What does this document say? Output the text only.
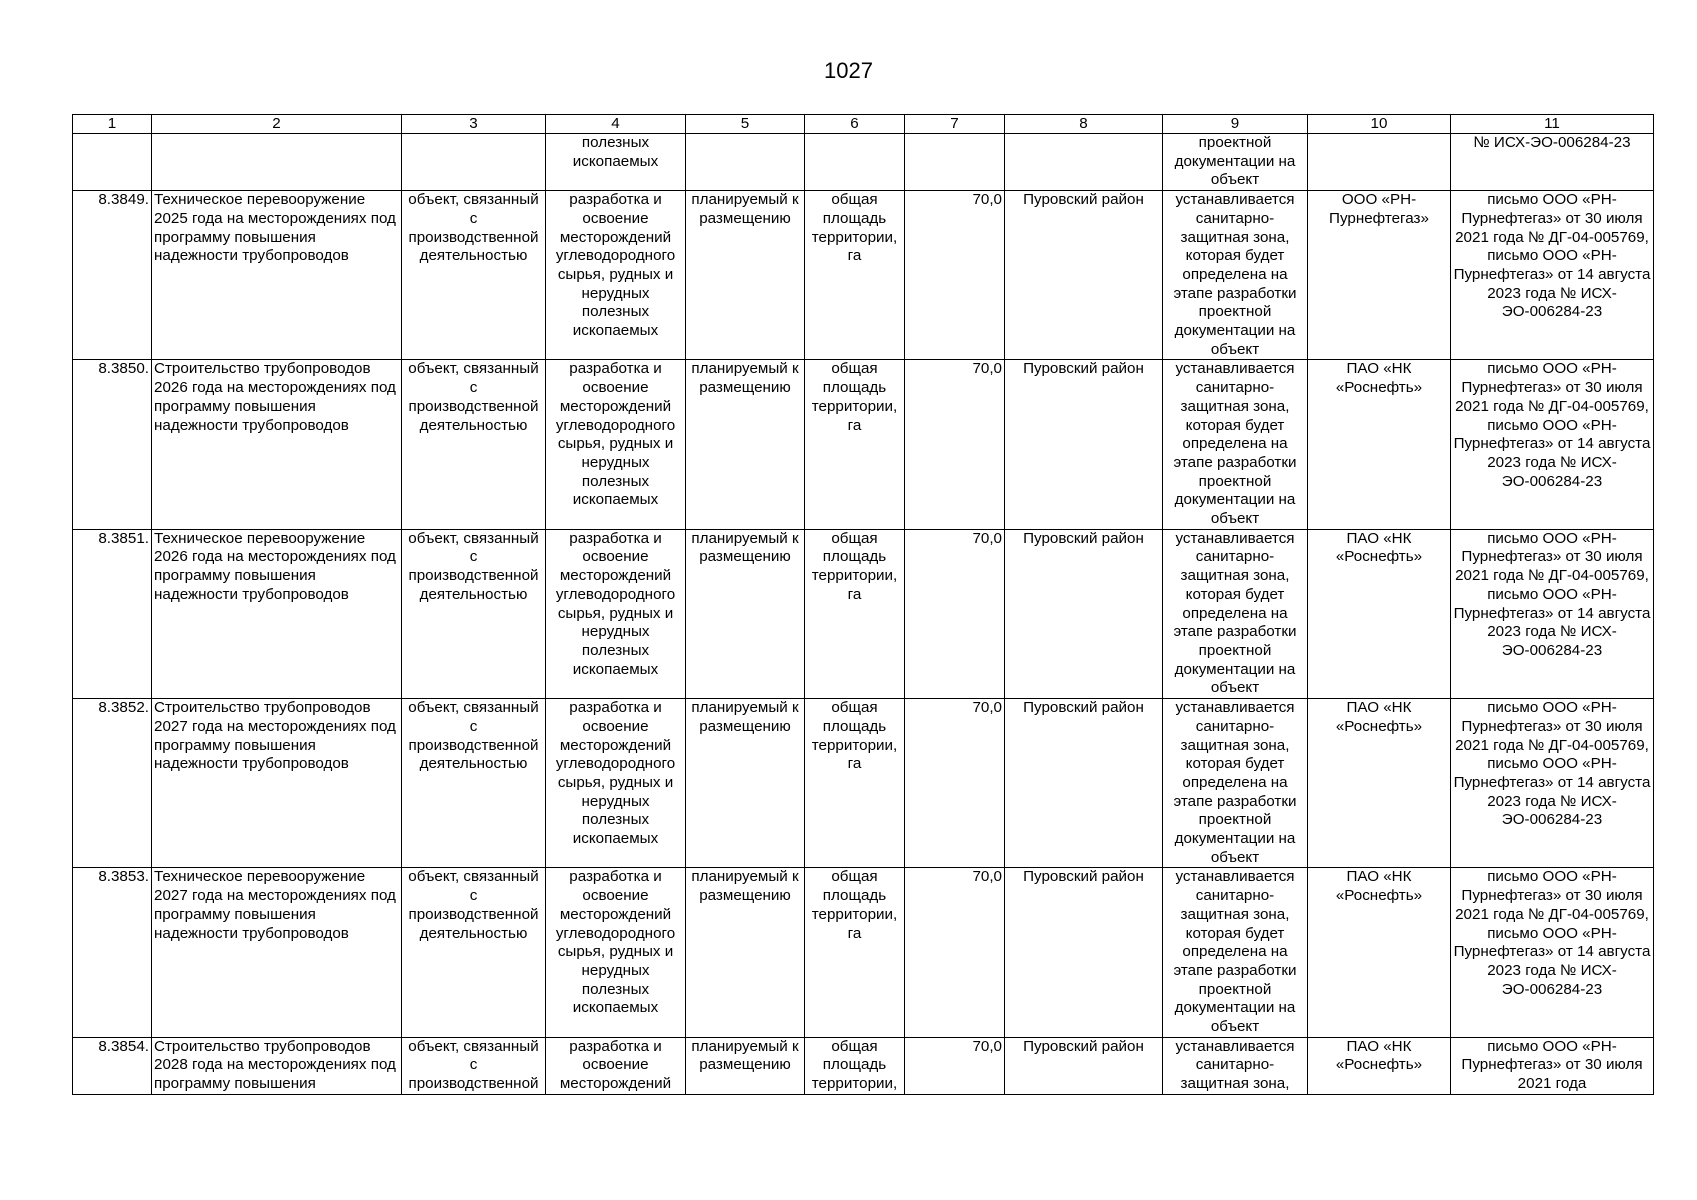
1027
1	2	3	4	5	6	7	8	9	10	11
			полезных ископаемых					проектной документации на объект		№ ИСХ-ЭО-006284-23
8.3849.	Техническое перевооружение 2025 года на месторождениях под программу повышения надежности трубопроводов	объект, связанный с производственной деятельностью	разработка и освоение месторождений углеводородного сырья, рудных и нерудных полезных ископаемых	планируемый к размещению	общая площадь территории, га	70,0	Пуровский район	устанавливается санитарно-защитная зона, которая будет определена на этапе разработки проектной документации на объект	ООО «РН-Пурнефтегаз»	письмо ООО «РН-Пурнефтегаз» от 30 июля 2021 года № ДГ-04-005769, письмо ООО «РН-Пурнефтегаз» от 14 августа 2023 года № ИСХ-ЭО-006284-23
8.3850.	Строительство трубопроводов 2026 года на месторождениях под программу повышения надежности трубопроводов	объект, связанный с производственной деятельностью	разработка и освоение месторождений углеводородного сырья, рудных и нерудных полезных ископаемых	планируемый к размещению	общая площадь территории, га	70,0	Пуровский район	устанавливается санитарно-защитная зона, которая будет определена на этапе разработки проектной документации на объект	ПАО «НК «Роснефть»	письмо ООО «РН-Пурнефтегаз» от 30 июля 2021 года № ДГ-04-005769, письмо ООО «РН-Пурнефтегаз» от 14 августа 2023 года № ИСХ-ЭО-006284-23
8.3851.	Техническое перевооружение 2026 года на месторождениях под программу повышения надежности трубопроводов	объект, связанный с производственной деятельностью	разработка и освоение месторождений углеводородного сырья, рудных и нерудных полезных ископаемых	планируемый к размещению	общая площадь территории, га	70,0	Пуровский район	устанавливается санитарно-защитная зона, которая будет определена на этапе разработки проектной документации на объект	ПАО «НК «Роснефть»	письмо ООО «РН-Пурнефтегаз» от 30 июля 2021 года № ДГ-04-005769, письмо ООО «РН-Пурнефтегаз» от 14 августа 2023 года № ИСХ-ЭО-006284-23
8.3852.	Строительство трубопроводов 2027 года на месторождениях под программу повышения надежности трубопроводов	объект, связанный с производственной деятельностью	разработка и освоение месторождений углеводородного сырья, рудных и нерудных полезных ископаемых	планируемый к размещению	общая площадь территории, га	70,0	Пуровский район	устанавливается санитарно-защитная зона, которая будет определена на этапе разработки проектной документации на объект	ПАО «НК «Роснефть»	письмо ООО «РН-Пурнефтегаз» от 30 июля 2021 года № ДГ-04-005769, письмо ООО «РН-Пурнефтегаз» от 14 августа 2023 года № ИСХ-ЭО-006284-23
8.3853.	Техническое перевооружение 2027 года на месторождениях под программу повышения надежности трубопроводов	объект, связанный с производственной деятельностью	разработка и освоение месторождений углеводородного сырья, рудных и нерудных полезных ископаемых	планируемый к размещению	общая площадь территории, га	70,0	Пуровский район	устанавливается санитарно-защитная зона, которая будет определена на этапе разработки проектной документации на объект	ПАО «НК «Роснефть»	письмо ООО «РН-Пурнефтегаз» от 30 июля 2021 года № ДГ-04-005769, письмо ООО «РН-Пурнефтегаз» от 14 августа 2023 года № ИСХ-ЭО-006284-23
8.3854.	Строительство трубопроводов 2028 года на месторождениях под программу повышения	объект, связанный с производственной	разработка и освоение месторождений	планируемый к размещению	общая площадь территории,	70,0	Пуровский район	устанавливается санитарно-защитная зона,	ПАО «НК «Роснефть»	письмо ООО «РН-Пурнефтегаз» от 30 июля 2021 года
